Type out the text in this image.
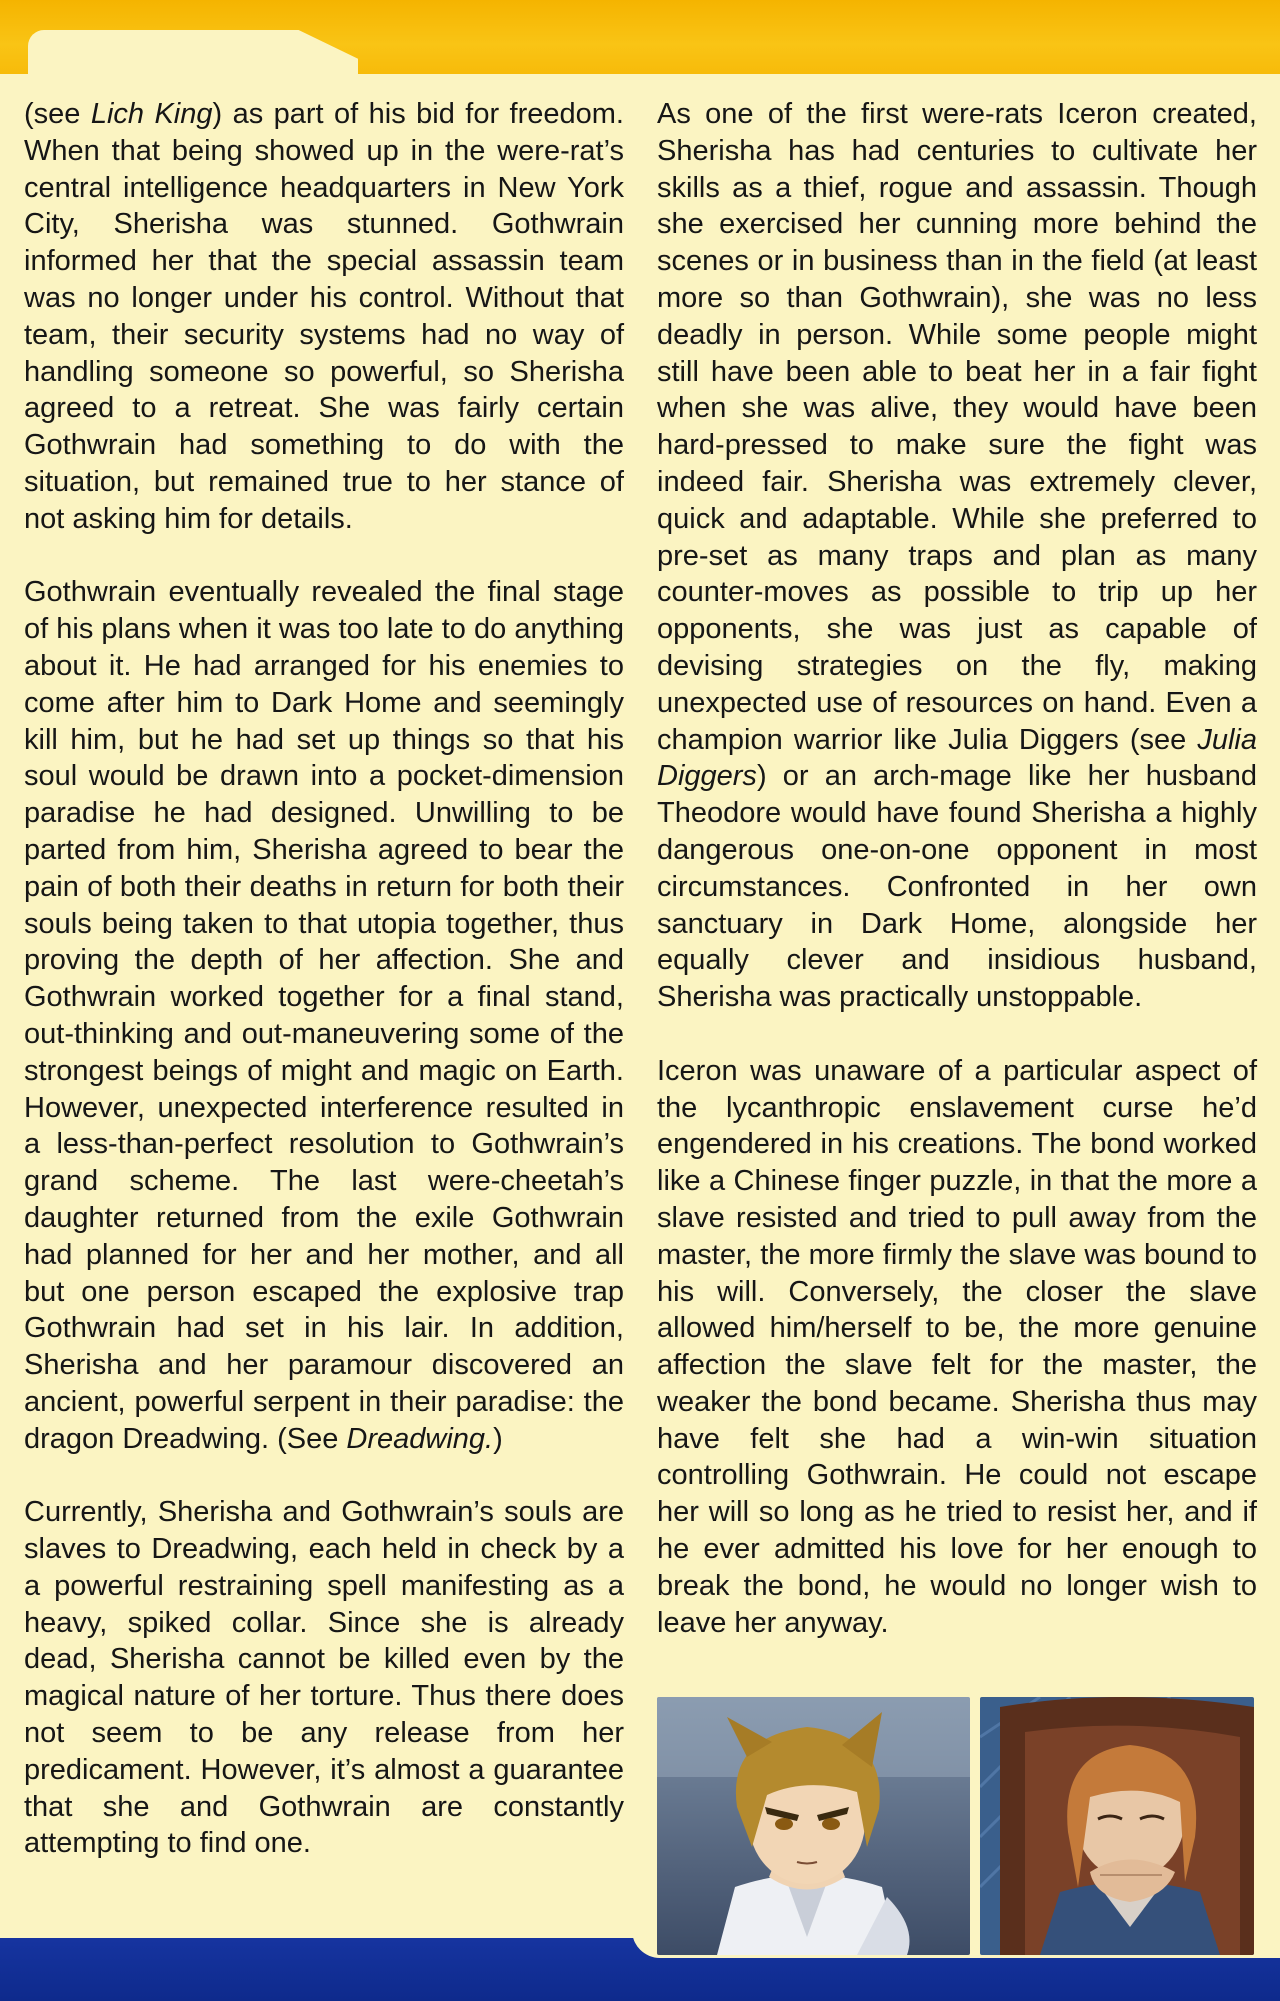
(see Lich King) as part of his bid for freedom. When that being showed up in the were-rat’s central intelligence headquarters in New York City, Sherisha was stunned. Gothwrain informed her that the special assassin team was no longer under his control. Without that team, their security systems had no way of handling someone so powerful, so Sherisha agreed to a retreat. She was fairly certain Gothwrain had something to do with the situation, but remained true to her stance of not asking him for details.

Gothwrain eventually revealed the final stage of his plans when it was too late to do anything about it. He had arranged for his enemies to come after him to Dark Home and seemingly kill him, but he had set up things so that his soul would be drawn into a pocket-dimension paradise he had designed. Unwilling to be parted from him, Sherisha agreed to bear the pain of both their deaths in return for both their souls being taken to that utopia together, thus proving the depth of her affection. She and Gothwrain worked together for a final stand, out-thinking and out-maneuvering some of the strongest beings of might and magic on Earth. However, unexpected interference resulted in a less-than-perfect resolution to Gothwrain’s grand scheme. The last were-cheetah’s daughter returned from the exile Gothwrain had planned for her and her mother, and all but one person escaped the explosive trap Gothwrain had set in his lair. In addition, Sherisha and her paramour discovered an ancient, powerful serpent in their paradise: the dragon Dreadwing. (See Dreadwing.)

Currently, Sherisha and Gothwrain’s souls are slaves to Dreadwing, each held in check by a a powerful restraining spell manifesting as a heavy, spiked collar. Since she is already dead, Sherisha cannot be killed even by the magical nature of her torture. Thus there does not seem to be any release from her predicament. However, it’s almost a guarantee that she and Gothwrain are constantly attempting to find one.

As one of the first were-rats Iceron created, Sherisha has had centuries to cultivate her skills as a thief, rogue and assassin. Though she exercised her cunning more behind the scenes or in business than in the field (at least more so than Gothwrain), she was no less deadly in person. While some people might still have been able to beat her in a fair fight when she was alive, they would have been hard-pressed to make sure the fight was indeed fair. Sherisha was extremely clever, quick and adaptable. While she preferred to pre-set as many traps and plan as many counter-moves as possible to trip up her opponents, she was just as capable of devising strategies on the fly, making unexpected use of resources on hand. Even a champion warrior like Julia Diggers (see Julia Diggers) or an arch-mage like her husband Theodore would have found Sherisha a highly dangerous one-on-one opponent in most circumstances. Confronted in her own sanctuary in Dark Home, alongside her equally clever and insidious husband, Sherisha was practically unstoppable.

Iceron was unaware of a particular aspect of the lycanthropic enslavement curse he’d engendered in his creations. The bond worked like a Chinese finger puzzle, in that the more a slave resisted and tried to pull away from the master, the more firmly the slave was bound to his will. Conversely, the closer the slave allowed him/herself to be, the more genuine affection the slave felt for the master, the weaker the bond became. Sherisha thus may have felt she had a win-win situation controlling Gothwrain. He could not escape her will so long as he tried to resist her, and if he ever admitted his love for her enough to break the bond, he would no longer wish to leave her anyway.
